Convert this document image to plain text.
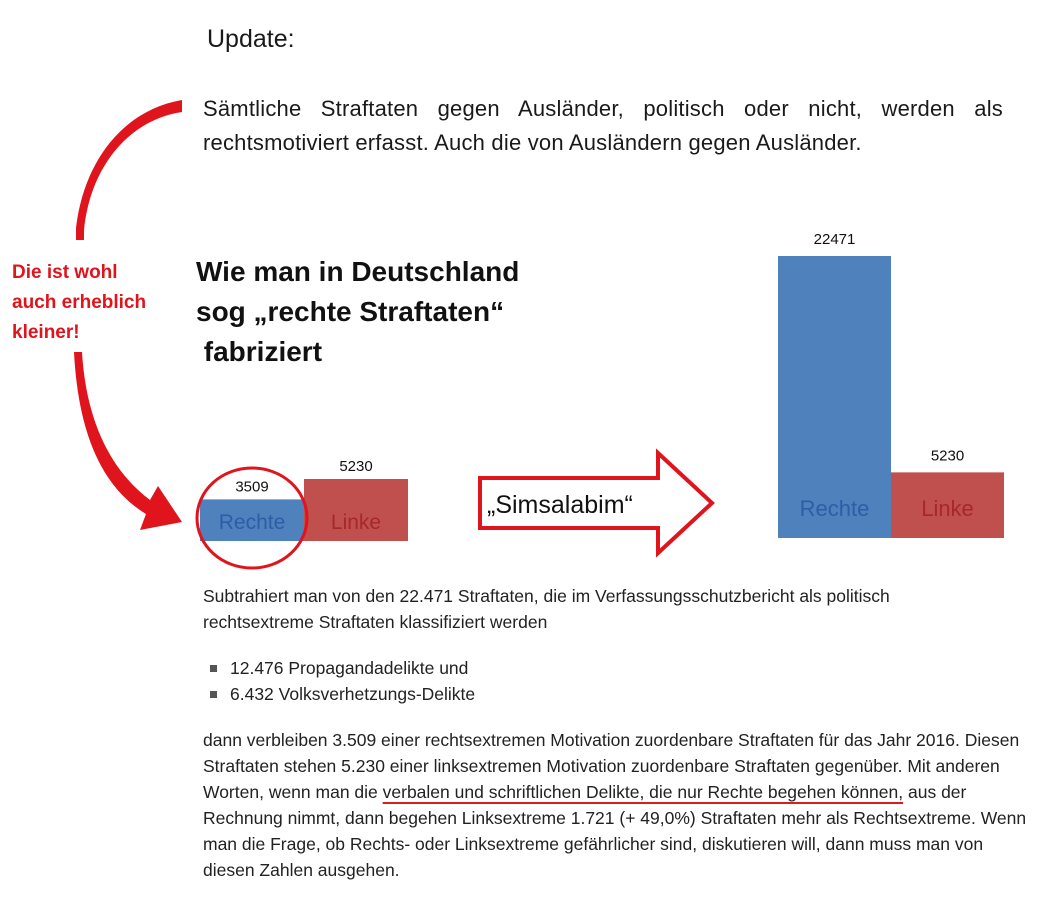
Update:
Sämtliche Straftaten gegen Ausländer, politisch oder nicht, werden als rechtsmotiviert erfasst. Auch die von Ausländern gegen Ausländer.
Die ist wohl
auch erheblich
kleiner!
Wie man in Deutschland
sog „rechte Straftaten“
fabriziert
3509
Rechte
5230
Linke
„Simsalabim“
22471
Rechte
5230
Linke
Subtrahiert man von den 22.471 Straftaten, die im Verfassungsschutzbericht als politisch rechtsextreme Straftaten klassifiziert werden
12.476 Propagandadelikte und
6.432 Volksverhetzungs-Delikte
dann verbleiben 3.509 einer rechtsextremen Motivation zuordenbare Straftaten für das Jahr 2016. Diesen Straftaten stehen 5.230 einer linksextremen Motivation zuordenbare Straftaten gegenüber. Mit anderen Worten, wenn man die verbalen und schriftlichen Delikte, die nur Rechte begehen können, aus der Rechnung nimmt, dann begehen Linksextreme 1.721 (+ 49,0%) Straftaten mehr als Rechtsextreme. Wenn man die Frage, ob Rechts- oder Linksextreme gefährlicher sind, diskutieren will, dann muss man von diesen Zahlen ausgehen.
